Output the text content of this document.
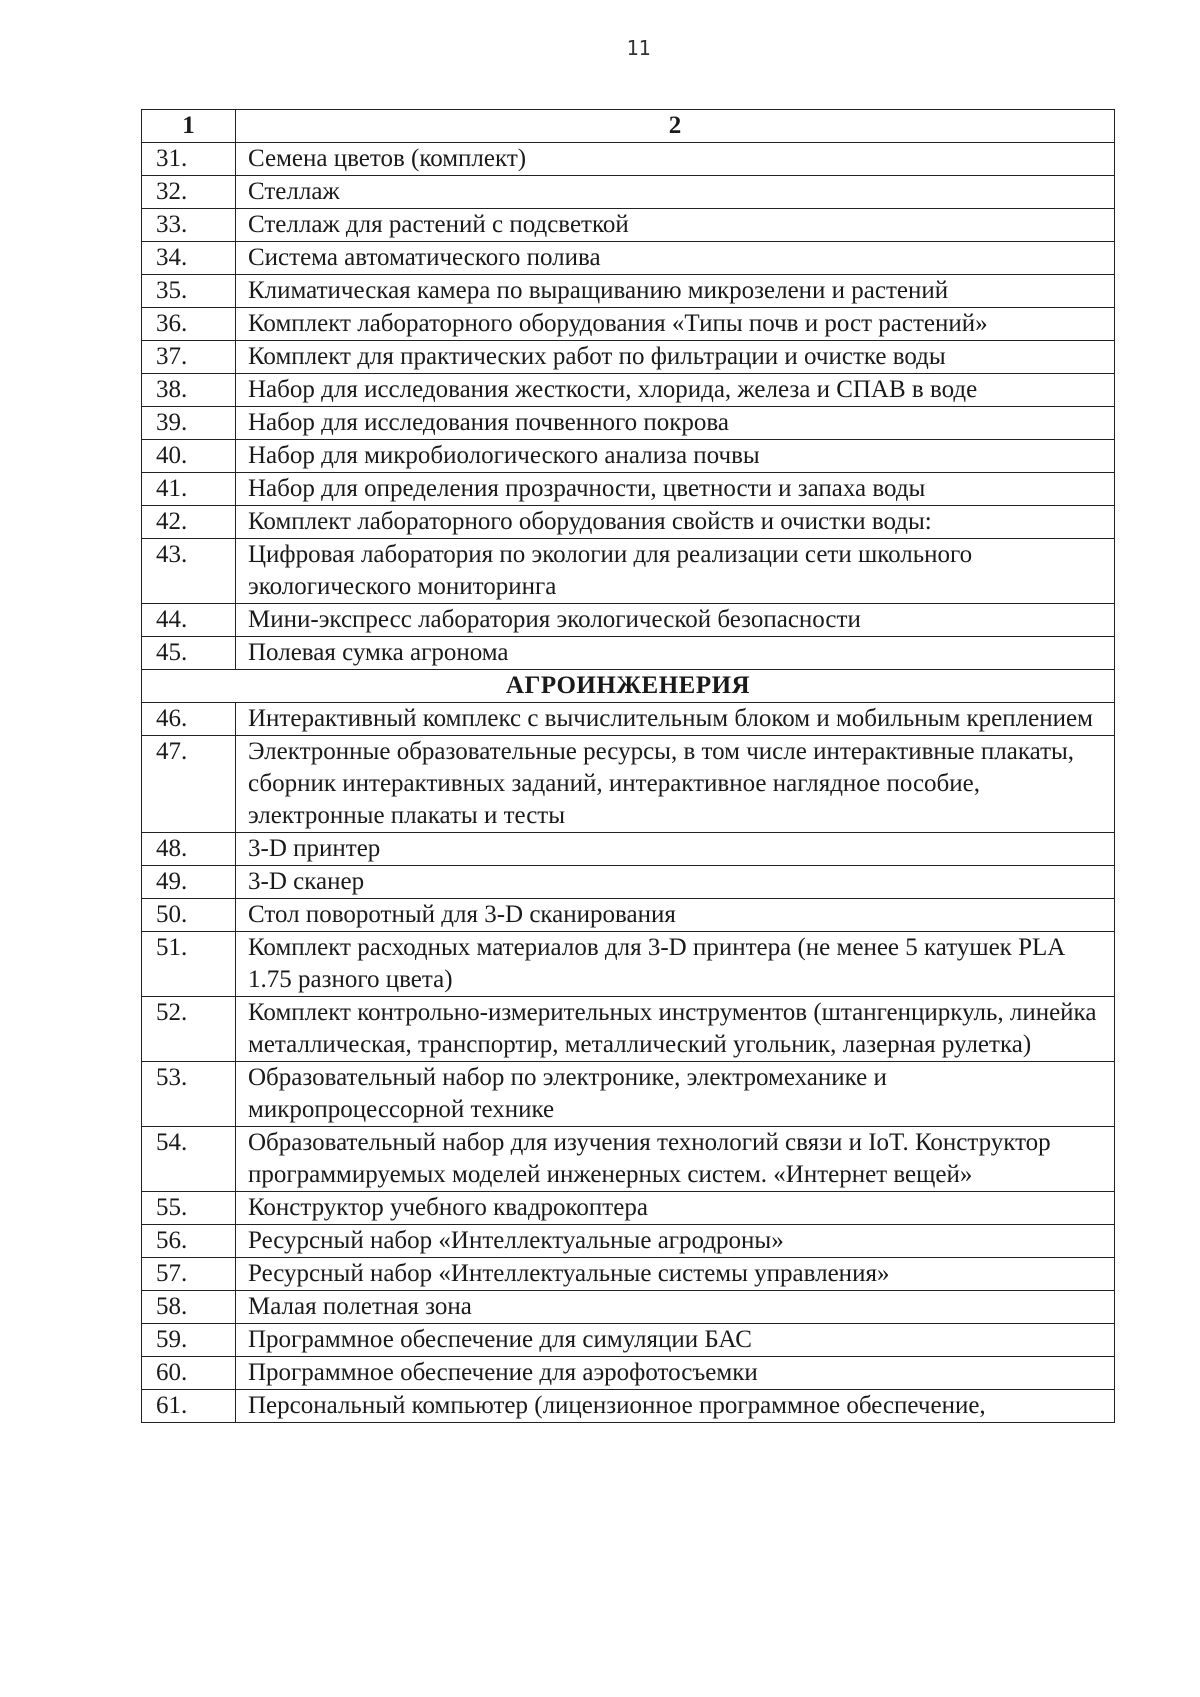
11
1	2
31.	Семена цветов (комплект)
32.	Стеллаж
33.	Стеллаж для растений с подсветкой
34.	Система автоматического полива
35.	Климатическая камера по выращиванию микрозелени и растений
36.	Комплект лабораторного оборудования «Типы почв и рост растений»
37.	Комплект для практических работ по фильтрации и очистке воды
38.	Набор для исследования жесткости, хлорида, железа и СПАВ в воде
39.	Набор для исследования почвенного покрова
40.	Набор для микробиологического анализа почвы
41.	Набор для определения прозрачности, цветности и запаха воды
42.	Комплект лабораторного оборудования свойств и очистки воды:
43.	Цифровая лаборатория по экологии для реализации сети школьного экологического мониторинга
44.	Мини-экспресс лаборатория экологической безопасности
45.	Полевая сумка агронома
АГРОИНЖЕНЕРИЯ	
46.	Интерактивный комплекс с вычислительным блоком и мобильным креплением
47.	Электронные образовательные ресурсы, в том числе интерактивные плакаты, сборник интерактивных заданий, интерактивное наглядное пособие, электронные плакаты и тесты
48.	3-D принтер
49.	3-D сканер
50.	Стол поворотный для 3-D сканирования
51.	Комплект расходных материалов для 3-D принтера (не менее 5 катушек PLA 1.75 разного цвета)
52.	Комплект контрольно-измерительных инструментов (штангенциркуль, линейка металлическая, транспортир, металлический угольник, лазерная рулетка)
53.	Образовательный набор по электронике, электромеханике и микропроцессорной технике
54.	Образовательный набор для изучения технологий связи и IoT. Конструктор программируемых моделей инженерных систем. «Интернет вещей»
55.	Конструктор учебного квадрокоптера
56.	Ресурсный набор «Интеллектуальные агродроны»
57.	Ресурсный набор «Интеллектуальные системы управления»
58.	Малая полетная зона
59.	Программное обеспечение для симуляции БАС
60.	Программное обеспечение для аэрофотосъемки
61.	Персональный компьютер (лицензионное программное обеспечение,
